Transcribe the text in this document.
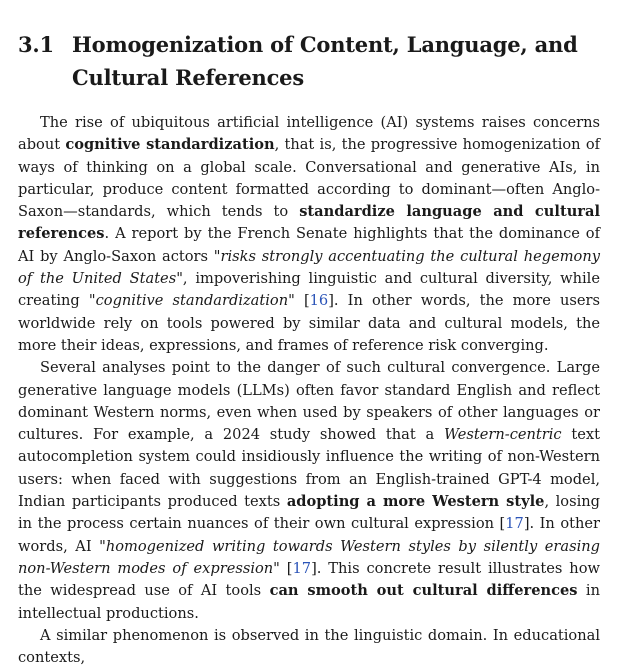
3.1 Homogenization of Content, Language, and Cultural References

The rise of ubiquitous artificial intelligence (AI) systems raises concerns about cognitive standardization, that is, the progressive homogenization of ways of thinking on a global scale. Conversational and generative AIs, in particular, produce content formatted according to dominant—often Anglo-Saxon—standards, which tends to standardize language and cultural references. A report by the French Senate highlights that the dominance of AI by Anglo-Saxon actors "risks strongly accentuating the cultural hegemony of the United States", impoverishing linguistic and cultural diversity, while creating "cognitive standardization" [16]. In other words, the more users worldwide rely on tools powered by similar data and cultural models, the more their ideas, expressions, and frames of reference risk converging.

Several analyses point to the danger of such cultural convergence. Large generative language models (LLMs) often favor standard English and reflect dominant Western norms, even when used by speakers of other languages or cultures. For example, a 2024 study showed that a Western-centric text autocompletion system could insidiously influence the writing of non-Western users: when faced with suggestions from an English-trained GPT-4 model, Indian participants produced texts adopting a more Western style, losing in the process certain nuances of their own cultural expression [17]. In other words, AI "homogenized writing towards Western styles by silently erasing non-Western modes of expression" [17]. This concrete result illustrates how the widespread use of AI tools can smooth out cultural differences in intellectual productions.

A similar phenomenon is observed in the linguistic domain. In educational contexts,
